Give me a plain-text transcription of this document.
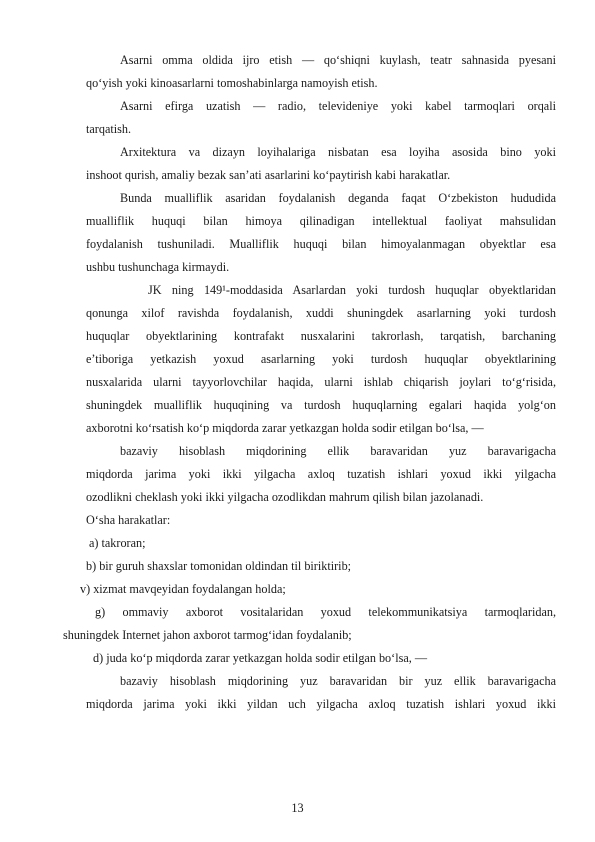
Asarni omma oldida ijro etish — qo‘shiqni kuylash, teatr sahnasida pyesani
qo‘yish yoki kinoasarlarni tomoshabinlarga namoyish etish.
Asarni efirga uzatish — radio, televideniye yoki kabel tarmoqlari orqali
tarqatish.
Arxitektura va dizayn loyihalariga nisbatan esa loyiha asosida bino yoki
inshoot qurish, amaliy bezak san’ati asarlarini ko‘paytirish kabi harakatlar.
Bunda mualliflik asaridan foydalanish deganda faqat O‘zbekiston hududida
mualliflik huquqi bilan himoya qilinadigan intellektual faoliyat mahsulidan
foydalanish tushuniladi. Mualliflik huquqi bilan himoyalanmagan obyektlar esa
ushbu tushunchaga kirmaydi.
JK ning 149¹-moddasida Asarlardan yoki turdosh huquqlar obyektlaridan
qonunga xilof ravishda foydalanish, xuddi shuningdek asarlarning yoki turdosh
huquqlar obyektlarining kontrafakt nusxalarini takrorlash, tarqatish, barchaning
e’tiboriga yetkazish yoxud asarlarning yoki turdosh huquqlar obyektlarining
nusxalarida ularni tayyorlovchilar haqida, ularni ishlab chiqarish joylari to‘g‘risida,
shuningdek mualliflik huquqining va turdosh huquqlarning egalari haqida yolg‘on
axborotni ko‘rsatish ko‘p miqdorda zarar yetkazgan holda sodir etilgan bo‘lsa, —
bazaviy hisoblash miqdorining ellik baravaridan yuz baravarigacha
miqdorda jarima yoki ikki yilgacha axloq tuzatish ishlari yoxud ikki yilgacha
ozodlikni cheklash yoki ikki yilgacha ozodlikdan mahrum qilish bilan jazolanadi.
O‘sha harakatlar:
a) takroran;
b) bir guruh shaxslar tomonidan oldindan til biriktirib;
v) xizmat mavqeyidan foydalangan holda;
g) ommaviy axborot vositalaridan yoxud telekommunikatsiya tarmoqlaridan,
shuningdek Internet jahon axborot tarmog‘idan foydalanib;
d) juda ko‘p miqdorda zarar yetkazgan holda sodir etilgan bo‘lsa, —
bazaviy hisoblash miqdorining yuz baravaridan bir yuz ellik baravarigacha
miqdorda jarima yoki ikki yildan uch yilgacha axloq tuzatish ishlari yoxud ikki
13
